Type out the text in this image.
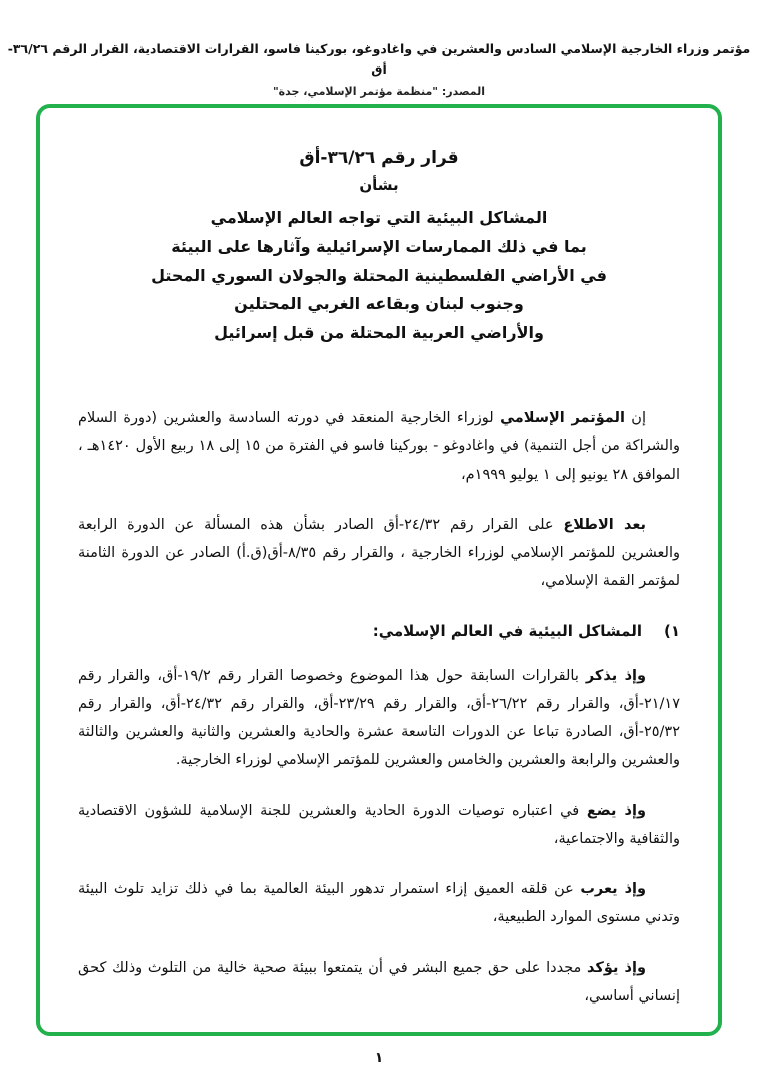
مؤتمر وزراء الخارجية الإسلامي السادس والعشرين في واغادوغو، بوركينا فاسو، القرارات الاقتصادية، القرار الرقم ٣٦/٢٦-أق
المصدر: "منظمة مؤتمر الإسلامي، جدة"
قرار رقم ٣٦/٢٦-أق
بشأن
المشاكل البيئية التي تواجه العالم الإسلامي
بما في ذلك الممارسات الإسرائيلية وآثارها على البيئة
في الأراضي الفلسطينية المحتلة والجولان السوري المحتل
وجنوب لبنان وبقاعه الغربي المحتلين
والأراضي العربية المحتلة من قبل إسرائيل

إن المؤتمر الإسلامي لوزراء الخارجية المنعقد في دورته السادسة والعشرين (دورة السلام والشراكة من أجل التنمية) في واغادوغو - بوركينا فاسو في الفترة من ١٥ إلى ١٨ ربيع الأول ١٤٢٠هـ ، الموافق ٢٨ يونيو إلى ١ يوليو ١٩٩٩م،

بعد الاطلاع على القرار رقم ٢٤/٣٢-أق الصادر بشأن هذه المسألة عن الدورة الرابعة والعشرين للمؤتمر الإسلامي لوزراء الخارجية ، والقرار رقم ٨/٣٥-أق(ق.أ) الصادر عن الدورة الثامنة لمؤتمر القمة الإسلامي،

١)المشاكل البيئية في العالم الإسلامي:

وإذ يذكر بالقرارات السابقة حول هذا الموضوع وخصوصا القرار رقم ١٩/٢-أق، والقرار رقم ٢١/١٧-أق، والقرار رقم ٢٦/٢٢-أق، والقرار رقم ٢٣/٢٩-أق، والقرار رقم ٢٤/٣٢-أق، والقرار رقم ٢٥/٣٢-أق، الصادرة تباعا عن الدورات التاسعة عشرة والحادية والعشرين والثانية والعشرين والثالثة والعشرين والرابعة والعشرين والخامس والعشرين للمؤتمر الإسلامي لوزراء الخارجية.

وإذ يضع في اعتباره توصيات الدورة الحادية والعشرين للجنة الإسلامية للشؤون الاقتصادية والثقافية والاجتماعية،

وإذ يعرب عن قلقه العميق إزاء استمرار تدهور البيئة العالمية بما في ذلك تزايد تلوث البيئة وتدني مستوى الموارد الطبيعية،

وإذ يؤكد مجددا على حق جميع البشر في أن يتمتعوا ببيئة صحية خالية من التلوث وذلك كحق إنساني أساسي،

١
